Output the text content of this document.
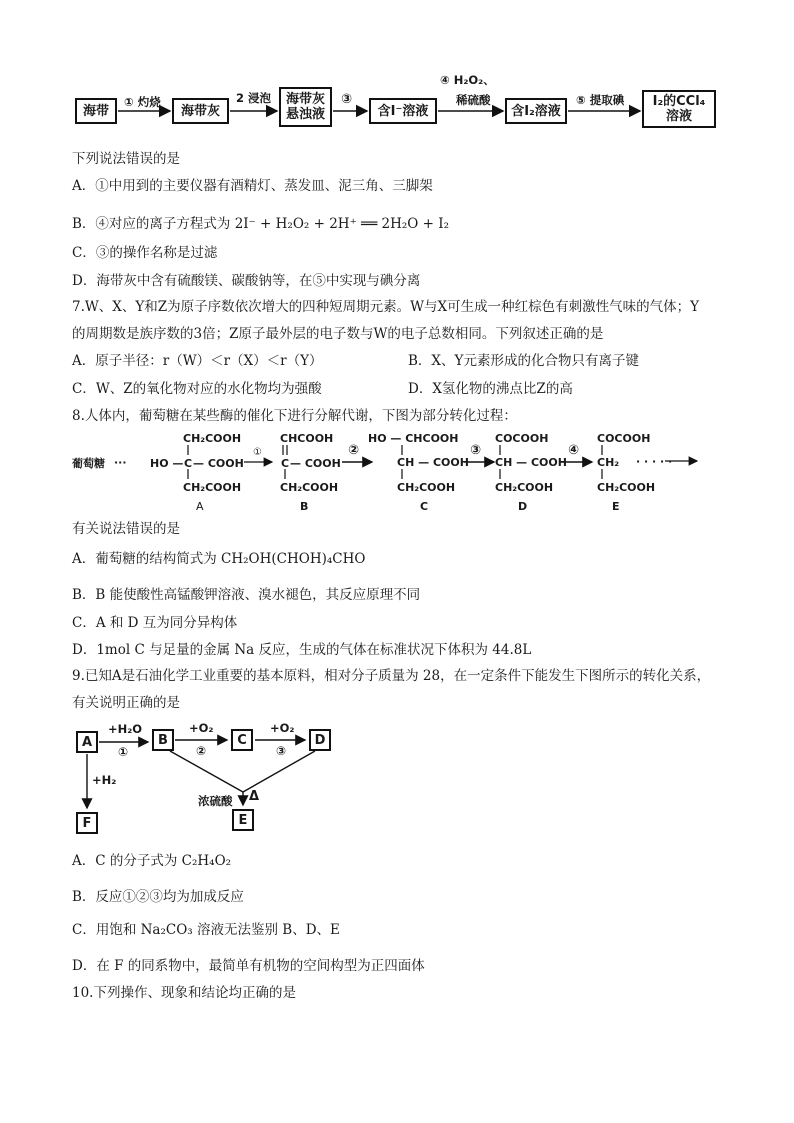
海带	海带灰
海带灰悬浊液	含I⁻溶液	含I₂溶液
I₂的CCl₄溶液
① 灼烧	2 浸泡	③
④ H₂O₂、
稀硫酸	⑤ 提取碘
下列说法错误的是
A．①中用到的主要仪器有酒精灯、蒸发皿、泥三角、三脚架
B．④对应的离子方程式为 2I⁻ + H₂O₂ + 2H⁺ ══ 2H₂O + I₂
C．③的操作名称是过滤
D．海带灰中含有硫酸镁、碳酸钠等，在⑤中实现与碘分离
7.W、X、Y和Z为原子序数依次增大的四种短周期元素。W与X可生成一种红棕色有刺激性气味的气体；Y
的周期数是族序数的3倍；Z原子最外层的电子数与W的电子总数相同。下列叙述正确的是
A．原子半径：r（W）＜r（X）＜r（Y）	B．X、Y元素形成的化合物只有离子键
C．W、Z的氧化物对应的水化物均为强酸	D．X氢化物的沸点比Z的高
8.人体内，葡萄糖在某些酶的催化下进行分解代谢，下图为部分转化过程：
葡萄糖 ···
CH₂COOH
HO — C — COOH
CH₂COOH
A
①
CHCOOH
C — COOH
CH₂COOH
B
②
HO — CHCOOH
CH — COOH
CH₂COOH
C
③
COCOOH
CH — COOH
CH₂COOH
D
④
COCOOH
CH₂
CH₂COOH
E
· · · · ·
有关说法错误的是
A．葡萄糖的结构简式为 CH₂OH(CHOH)₄CHO
B．B 能使酸性高锰酸钾溶液、溴水褪色，其反应原理不同
C．A 和 D 互为同分异构体
D．1mol C 与足量的金属 Na 反应，生成的气体在标准状况下体积为 44.8L
9.已知A是石油化学工业重要的基本原料，相对分子质量为 28，在一定条件下能发生下图所示的转化关系，
有关说明正确的是
A	B	C	D
E
F
+H₂O
①
+O₂
②
+O₂
③
+H₂
浓硫酸 Δ
A．C 的分子式为 C₂H₄O₂
B．反应①②③均为加成反应
C．用饱和 Na₂CO₃ 溶液无法鉴别 B、D、E
D．在 F 的同系物中，最简单有机物的空间构型为正四面体
10.下列操作、现象和结论均正确的是
